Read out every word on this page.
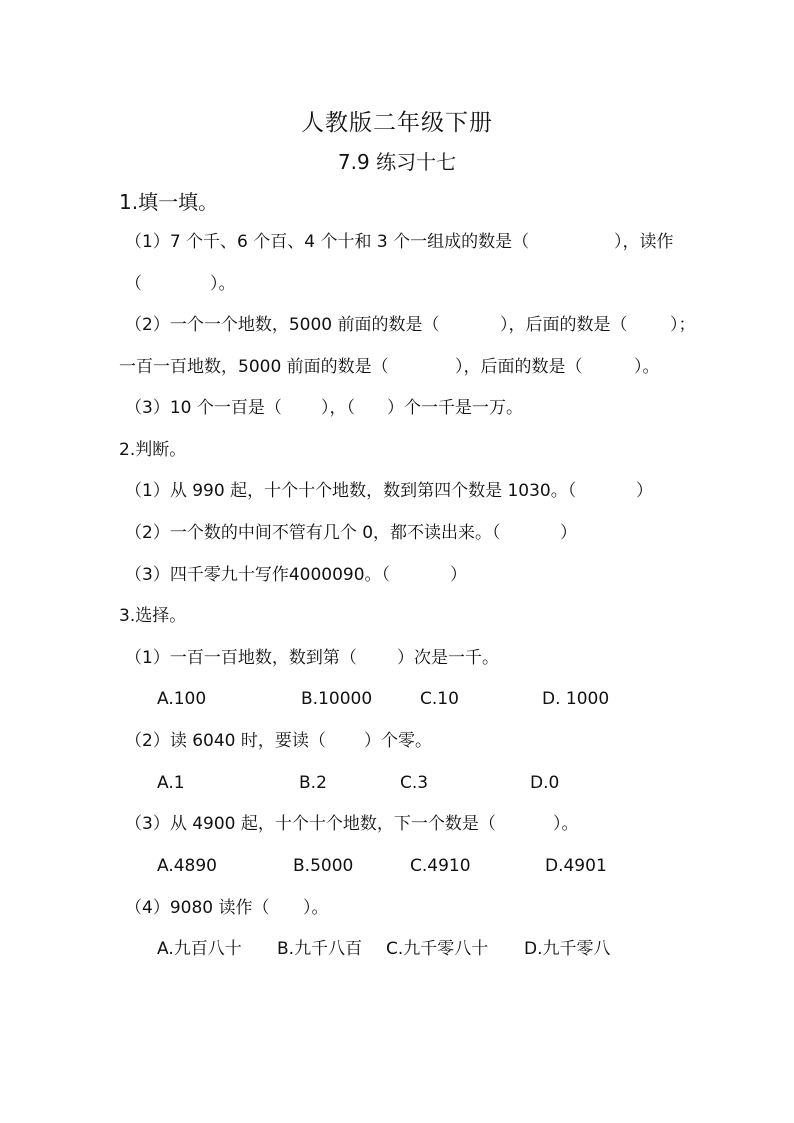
人教版二年级下册
7.9 练习十七
1.填一填。
（1）7 个千、6 个百、4 个十和 3 个一组成的数是（	），读作
（	）。
（2）一个一个地数，5000 前面的数是（	），后面的数是（	）；
一百一百地数，5000 前面的数是（	），后面的数是（	）。
（3）10 个一百是（ ），（ ）个一千是一万。
2.判断。
（1）从 990 起，十个十个地数，数到第四个数是 1030。（	）
（2）一个数的中间不管有几个 0，都不读出来。（	）
（3）四千零九十写作4000090。（	）
3.选择。
（1）一百一百地数，数到第（ ）次是一千。
A.100	B.10000	C.10	D. 1000
（2）读 6040 时，要读（ ）个零。
A.1	B.2	C.3	D.0
（3）从 4900 起，十个十个地数，下一个数是（	）。
A.4890	B.5000	C.4910	D.4901
（4）9080 读作（ ）。
A.九百八十 B.九千八百 C.九千零八十 D.九千零八
